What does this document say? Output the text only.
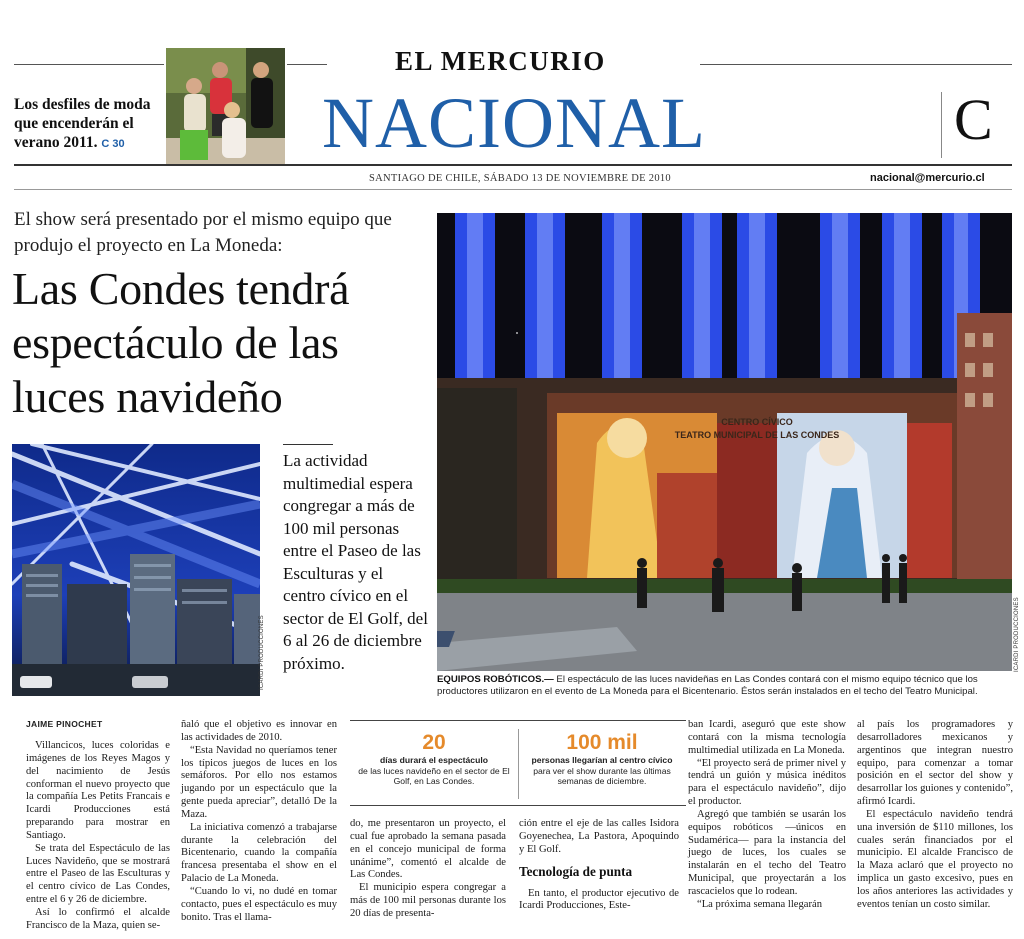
Los desfiles de moda que encenderán el verano 2011. C 30
EL MERCURIO
NACIONAL	C
SANTIAGO DE CHILE, SÁBADO 13 DE NOVIEMBRE DE 2010	nacional@mercurio.cl
El show será presentado por el mismo equipo que produjo el proyecto en La Moneda:
Las Condes tendrá espectáculo de las luces navideño
La actividad multimedial espera congregar a más de 100 mil personas entre el Paseo de las Esculturas y el centro cívico en el sector de El Golf, del 6 al 26 de diciembre próximo.
ICARDI PRODUCCIONES
CENTRO CÍVICO
TEATRO MUNICIPAL DE LAS CONDES
ICARDI PRODUCCIONES
EQUIPOS ROBÓTICOS.— El espectáculo de las luces navideñas en Las Condes contará con el mismo equipo técnico que los productores utilizaron en el evento de La Moneda para el Bicentenario. Éstos serán instalados en el techo del Teatro Municipal.
JAIME PINOCHET

Villancicos, luces coloridas e imágenes de los Reyes Magos y del nacimiento de Jesús conforman el nuevo proyecto que la compañía Les Petits Francais e Icardi Producciones está preparando para mostrar en Santiago.

Se trata del Espectáculo de las Luces Navideño, que se mostrará entre el Paseo de las Esculturas y el centro cívico de Las Condes, entre el 6 y 26 de diciembre.

Así lo confirmó el alcalde Francisco de la Maza, quien se-

ñaló que el objetivo es innovar en las actividades de 2010.

“Esta Navidad no queríamos tener los típicos juegos de luces en los semáforos. Por ello nos estamos jugando por un espectáculo que la gente pueda apreciar”, detalló De la Maza.

La iniciativa comenzó a trabajarse durante la celebración del Bicentenario, cuando la compañía francesa presentaba el show en el Palacio de La Moneda.

“Cuando lo vi, no dudé en tomar contacto, pues el espectáculo es muy bonito. Tras el llama-

20
días durará el espectáculo
de las luces navideño en el sector de El Golf, en Las Condes.
100 mil
personas llegarían al centro cívico
para ver el show durante las últimas semanas de diciembre.

do, me presentaron un proyecto, el cual fue aprobado la semana pasada en el concejo municipal de forma unánime”, comentó el alcalde de Las Condes.

El municipio espera congregar a más de 100 mil personas durante los 20 días de presenta-

ción entre el eje de las calles Isidora Goyenechea, La Pastora, Apoquindo y El Golf.

Tecnología de punta

En tanto, el productor ejecutivo de Icardi Producciones, Este-

ban Icardi, aseguró que este show contará con la misma tecnología multimedial utilizada en La Moneda.

“El proyecto será de primer nivel y tendrá un guión y música inéditos para el espectáculo navideño”, dijo el productor.

Agregó que también se usarán los equipos robóticos —únicos en Sudamérica— para la instancia del juego de luces, los cuales se instalarán en el techo del Teatro Municipal, que proyectarán a los rascacielos que lo rodean.

“La próxima semana llegarán

al país los programadores y desarrolladores mexicanos y argentinos que integran nuestro equipo, para comenzar a tomar posición en el sector del show y desarrollar los guiones y contenido”, afirmó Icardi.

El espectáculo navideño tendrá una inversión de $110 millones, los cuales serán financiados por el municipio. El alcalde Francisco de la Maza aclaró que el proyecto no implica un gasto excesivo, pues en los años anteriores las actividades y eventos tenían un costo similar.
